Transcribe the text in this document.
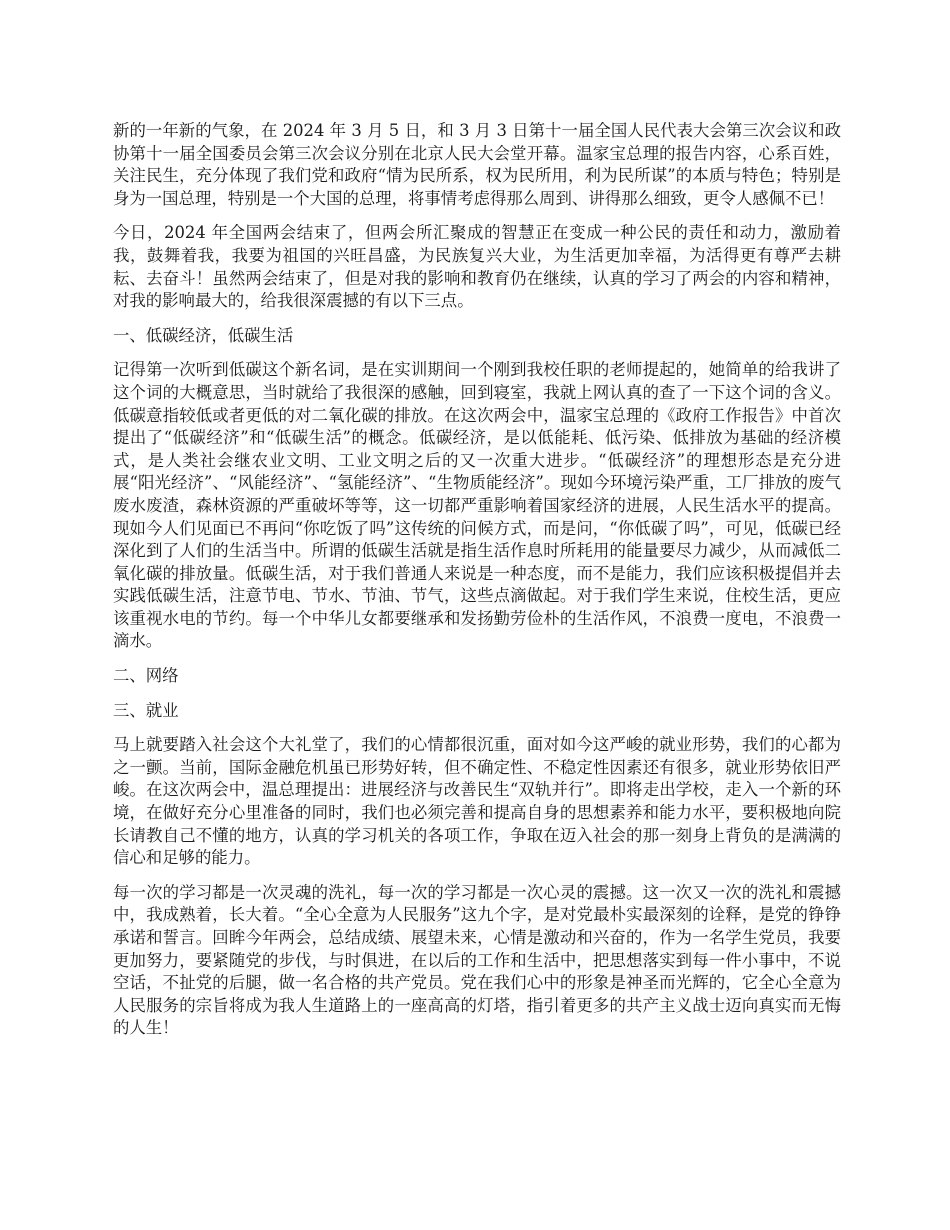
新的一年新的气象，在 2024 年 3 月 5 日，和 3 月 3 日第十一届全国人民代表大会第三次会议和政协第十一届全国委员会第三次会议分别在北京人民大会堂开幕。温家宝总理的报告内容，心系百姓，关注民生，充分体现了我们党和政府“情为民所系，权为民所用，利为民所谋”的本质与特色；特别是身为一国总理，特别是一个大国的总理，将事情考虑得那么周到、讲得那么细致，更令人感佩不已！

今日，2024 年全国两会结束了，但两会所汇聚成的智慧正在变成一种公民的责任和动力，激励着我，鼓舞着我，我要为祖国的兴旺昌盛，为民族复兴大业，为生活更加幸福，为活得更有尊严去耕耘、去奋斗！虽然两会结束了，但是对我的影响和教育仍在继续，认真的学习了两会的内容和精神，对我的影响最大的，给我很深震撼的有以下三点。

一、低碳经济，低碳生活

记得第一次听到低碳这个新名词，是在实训期间一个刚到我校任职的老师提起的，她简单的给我讲了这个词的大概意思，当时就给了我很深的感触，回到寝室，我就上网认真的查了一下这个词的含义。低碳意指较低或者更低的对二氧化碳的排放。在这次两会中，温家宝总理的《政府工作报告》中首次提出了“低碳经济”和“低碳生活”的概念。低碳经济，是以低能耗、低污染、低排放为基础的经济模式，是人类社会继农业文明、工业文明之后的又一次重大进步。“低碳经济”的理想形态是充分进展“阳光经济”、“风能经济”、“氢能经济”、“生物质能经济”。现如今环境污染严重，工厂排放的废气废水废渣，森林资源的严重破坏等等，这一切都严重影响着国家经济的进展，人民生活水平的提高。现如今人们见面已不再问“你吃饭了吗”这传统的问候方式，而是问，“你低碳了吗”，可见，低碳已经深化到了人们的生活当中。所谓的低碳生活就是指生活作息时所耗用的能量要尽力减少，从而减低二氧化碳的排放量。低碳生活，对于我们普通人来说是一种态度，而不是能力，我们应该积极提倡并去实践低碳生活，注意节电、节水、节油、节气，这些点滴做起。对于我们学生来说，住校生活，更应该重视水电的节约。每一个中华儿女都要继承和发扬勤劳俭朴的生活作风，不浪费一度电，不浪费一滴水。

二、网络

三、就业

马上就要踏入社会这个大礼堂了，我们的心情都很沉重，面对如今这严峻的就业形势，我们的心都为之一颤。当前，国际金融危机虽已形势好转，但不确定性、不稳定性因素还有很多，就业形势依旧严峻。在这次两会中，温总理提出：进展经济与改善民生“双轨并行”。即将走出学校，走入一个新的环境，在做好充分心里准备的同时，我们也必须完善和提高自身的思想素养和能力水平，要积极地向院长请教自己不懂的地方，认真的学习机关的各项工作，争取在迈入社会的那一刻身上背负的是满满的信心和足够的能力。

每一次的学习都是一次灵魂的洗礼，每一次的学习都是一次心灵的震撼。这一次又一次的洗礼和震撼中，我成熟着，长大着。“全心全意为人民服务”这九个字，是对党最朴实最深刻的诠释，是党的铮铮承诺和誓言。回眸今年两会，总结成绩、展望未来，心情是激动和兴奋的，作为一名学生党员，我要更加努力，要紧随党的步伐，与时俱进，在以后的工作和生活中，把思想落实到每一件小事中，不说空话，不扯党的后腿，做一名合格的共产党员。党在我们心中的形象是神圣而光辉的，它全心全意为人民服务的宗旨将成为我人生道路上的一座高高的灯塔，指引着更多的共产主义战士迈向真实而无悔的人生！
